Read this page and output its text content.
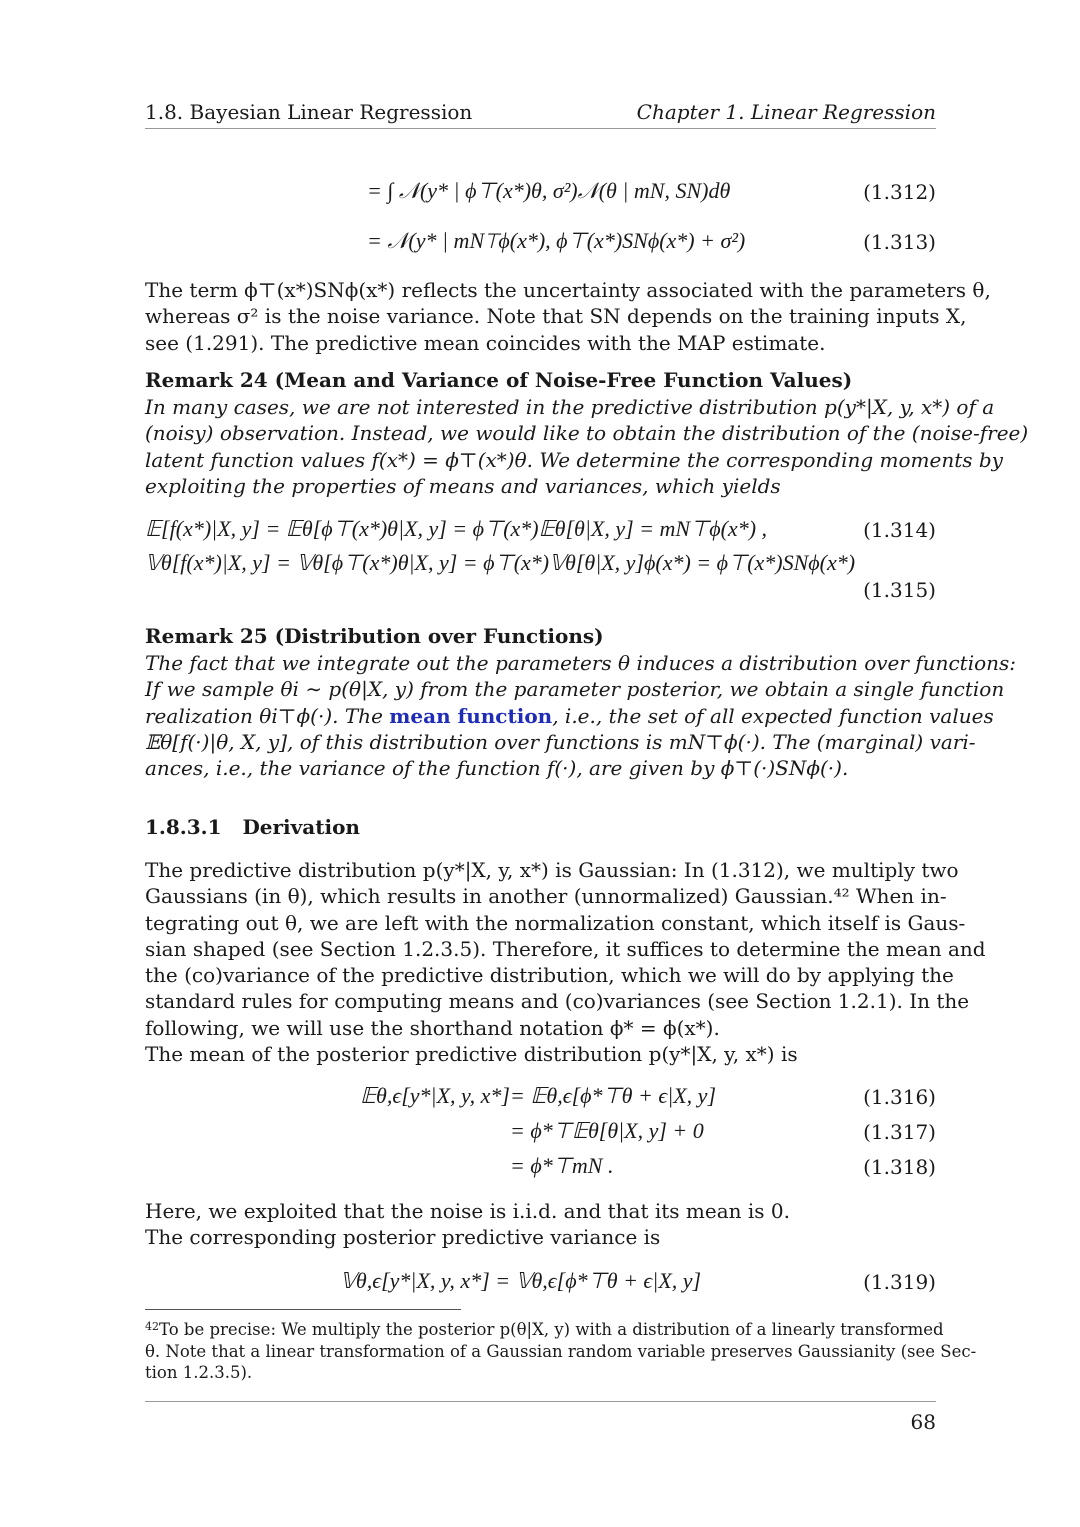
1.8. Bayesian Linear Regression	Chapter 1. Linear Regression
= ∫ 𝒩(y* | ϕ⊤(x*)θ, σ²)𝒩(θ | mN, SN)dθ	(1.312)
= 𝒩(y* | mN⊤ϕ(x*), ϕ⊤(x*)SNϕ(x*) + σ²)	(1.313)
The term ϕ⊤(x*)SNϕ(x*) reflects the uncertainty associated with the parameters θ,
whereas σ² is the noise variance. Note that SN depends on the training inputs X,
see (1.291). The predictive mean coincides with the MAP estimate.
Remark 24 (Mean and Variance of Noise-Free Function Values)
In many cases, we are not interested in the predictive distribution p(y*|X, y, x*) of a
(noisy) observation. Instead, we would like to obtain the distribution of the (noise-free)
latent function values f(x*) = ϕ⊤(x*)θ. We determine the corresponding moments by
exploiting the properties of means and variances, which yields
𝔼[f(x*)|X, y] = 𝔼θ[ϕ⊤(x*)θ|X, y] = ϕ⊤(x*)𝔼θ[θ|X, y] = mN⊤ϕ(x*) ,	(1.314)
𝕍θ[f(x*)|X, y] = 𝕍θ[ϕ⊤(x*)θ|X, y] = ϕ⊤(x*)𝕍θ[θ|X, y]ϕ(x*) = ϕ⊤(x*)SNϕ(x*)
(1.315)
Remark 25 (Distribution over Functions)
The fact that we integrate out the parameters θ induces a distribution over functions:
If we sample θi ∼ p(θ|X, y) from the parameter posterior, we obtain a single function
realization θi⊤ϕ(·). The mean function, i.e., the set of all expected function values
𝔼θ[f(·)|θ, X, y], of this distribution over functions is mN⊤ϕ(·). The (marginal) vari-
ances, i.e., the variance of the function f(·), are given by ϕ⊤(·)SNϕ(·).
1.8.3.1 Derivation
The predictive distribution p(y*|X, y, x*) is Gaussian: In (1.312), we multiply two
Gaussians (in θ), which results in another (unnormalized) Gaussian.⁴² When in-
tegrating out θ, we are left with the normalization constant, which itself is Gaus-
sian shaped (see Section 1.2.3.5). Therefore, it suffices to determine the mean and
the (co)variance of the predictive distribution, which we will do by applying the
standard rules for computing means and (co)variances (see Section 1.2.1). In the
following, we will use the shorthand notation ϕ* = ϕ(x*).
The mean of the posterior predictive distribution p(y*|X, y, x*) is
𝔼θ,ϵ[y*|X, y, x*] = 𝔼θ,ϵ[ϕ*⊤θ + ϵ|X, y]	(1.316)
= ϕ*⊤𝔼θ[θ|X, y] + 0	(1.317)
= ϕ*⊤mN .	(1.318)
Here, we exploited that the noise is i.i.d. and that its mean is 0.
The corresponding posterior predictive variance is
𝕍θ,ϵ[y*|X, y, x*] = 𝕍θ,ϵ[ϕ*⊤θ + ϵ|X, y]	(1.319)
$^{42}$To be precise: We multiply the posterior p(θ|X, y) with a distribution of a linearly transformed
θ. Note that a linear transformation of a Gaussian random variable preserves Gaussianity (see Sec-
tion 1.2.3.5).
68
